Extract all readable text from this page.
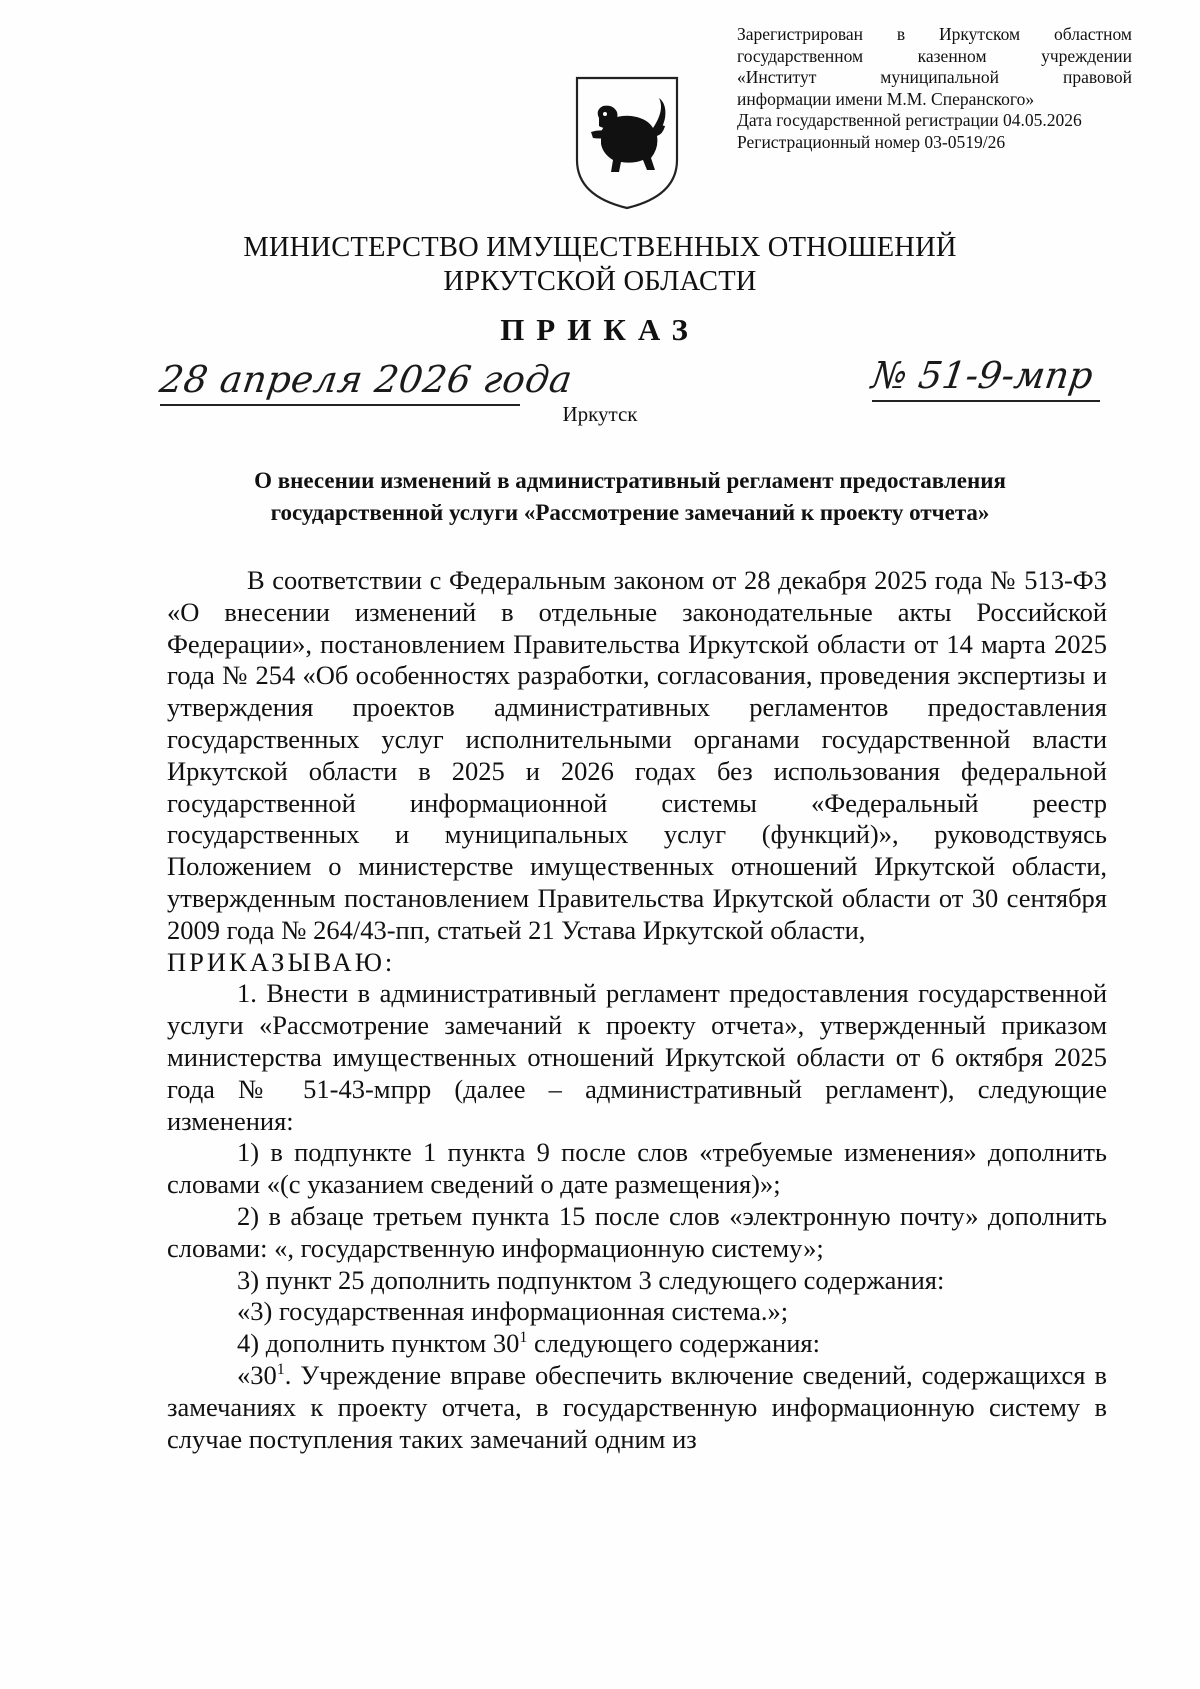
Зарегистрирован в Иркутском областном
государственном казенном учреждении
«Институт муниципальной правовой
информации имени М.М. Сперанского»
Дата государственной регистрации 04.05.2026
Регистрационный номер 03-0519/26
МИНИСТЕРСТВО ИМУЩЕСТВЕННЫХ ОТНОШЕНИЙ
ИРКУТСКОЙ ОБЛАСТИ
ПРИКАЗ
28 апреля 2026 года	№ 51-9-мпр
Иркутск
О внесении изменений в административный регламент предоставления
государственной услуги «Рассмотрение замечаний к проекту отчета»

В соответствии с Федеральным законом от 28 декабря 2025 года № 513-ФЗ «О внесении изменений в отдельные законодательные акты Российской Федерации», постановлением Правительства Иркутской области от 14 марта 2025 года № 254 «Об особенностях разработки, согласования, проведения экспертизы и утверждения проектов административных регламентов предоставления государственных услуг исполнительными органами государственной власти Иркутской области в 2025 и 2026 годах без использования федеральной государственной информационной системы «Федеральный реестр государственных и муниципальных услуг (функций)», руководствуясь Положением о министерстве имущественных отношений Иркутской области, утвержденным постановлением Правительства Иркутской области от 30 сентября 2009 года № 264/43-пп, статьей 21 Устава Иркутской области,

ПРИКАЗЫВАЮ:

1. Внести в административный регламент предоставления государственной услуги «Рассмотрение замечаний к проекту отчета», утвержденный приказом министерства имущественных отношений Иркутской области от 6 октября 2025 года № 51-43-мпрр (далее – административный регламент), следующие изменения:

1) в подпункте 1 пункта 9 после слов «требуемые изменения» дополнить словами «(с указанием сведений о дате размещения)»;

2) в абзаце третьем пункта 15 после слов «электронную почту» дополнить словами: «, государственную информационную систему»;

3) пункт 25 дополнить подпунктом 3 следующего содержания:

«3) государственная информационная система.»;

4) дополнить пунктом $30^1$ следующего содержания:

«$30^1$. Учреждение вправе обеспечить включение сведений, содержащихся в замечаниях к проекту отчета, в государственную информационную систему в случае поступления таких замечаний одним из
